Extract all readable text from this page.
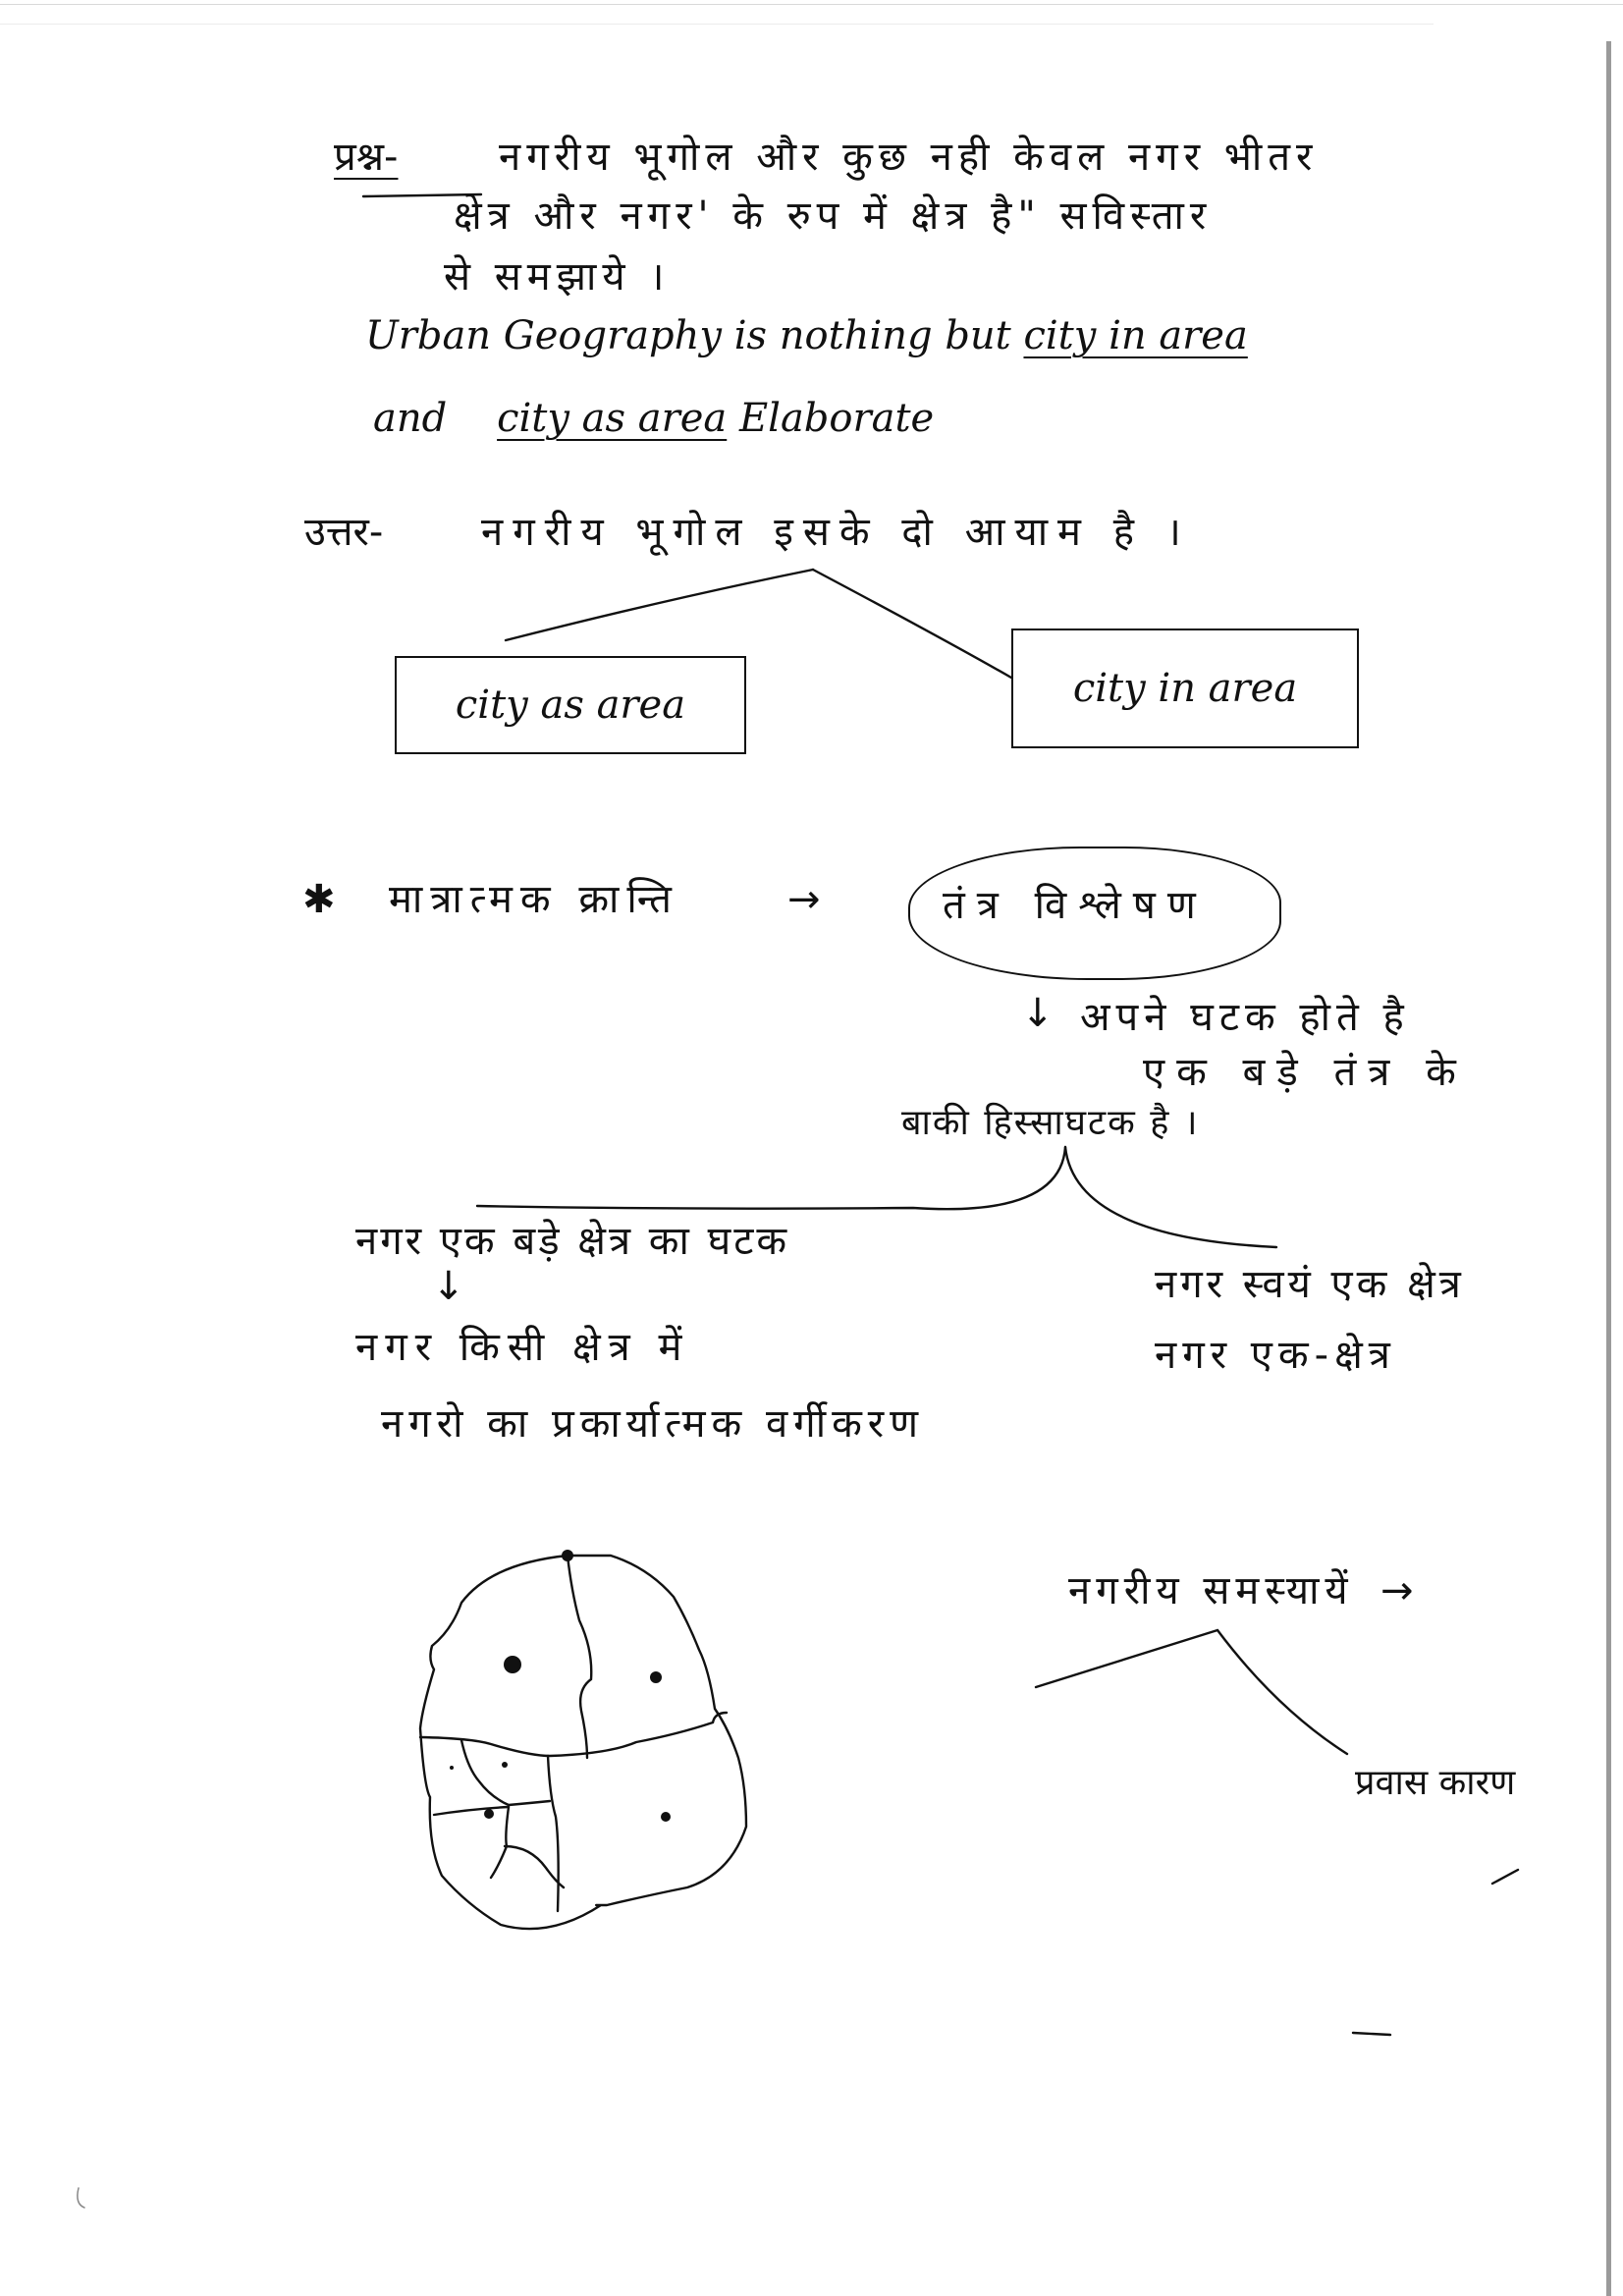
प्रश्न-	नगरीय भूगोल और कुछ नही केवल नगर भीतर
क्षेत्र और नगर' के रुप में क्षेत्र है" सविस्तार
से समझाये ।
Urban Geography is nothing but city in area
and city as area Elaborate
उत्तर- नगरीय भूगोल इसके दो आयाम है ।
city as area	city in area
✱ मात्रात्मक क्रान्ति	→	तंत्र विश्लेषण
↓ अपने घटक होते है
एक बड़े तंत्र के
बाकी हिस्साघटक है ।
नगर एक बड़े क्षेत्र का घटक
↓
नगर किसी क्षेत्र में
नगरो का प्रकार्यात्मक वर्गीकरण
नगर स्वयं एक क्षेत्र
नगर एक-क्षेत्र
नगरीय समस्यायें →
प्रवास कारण
